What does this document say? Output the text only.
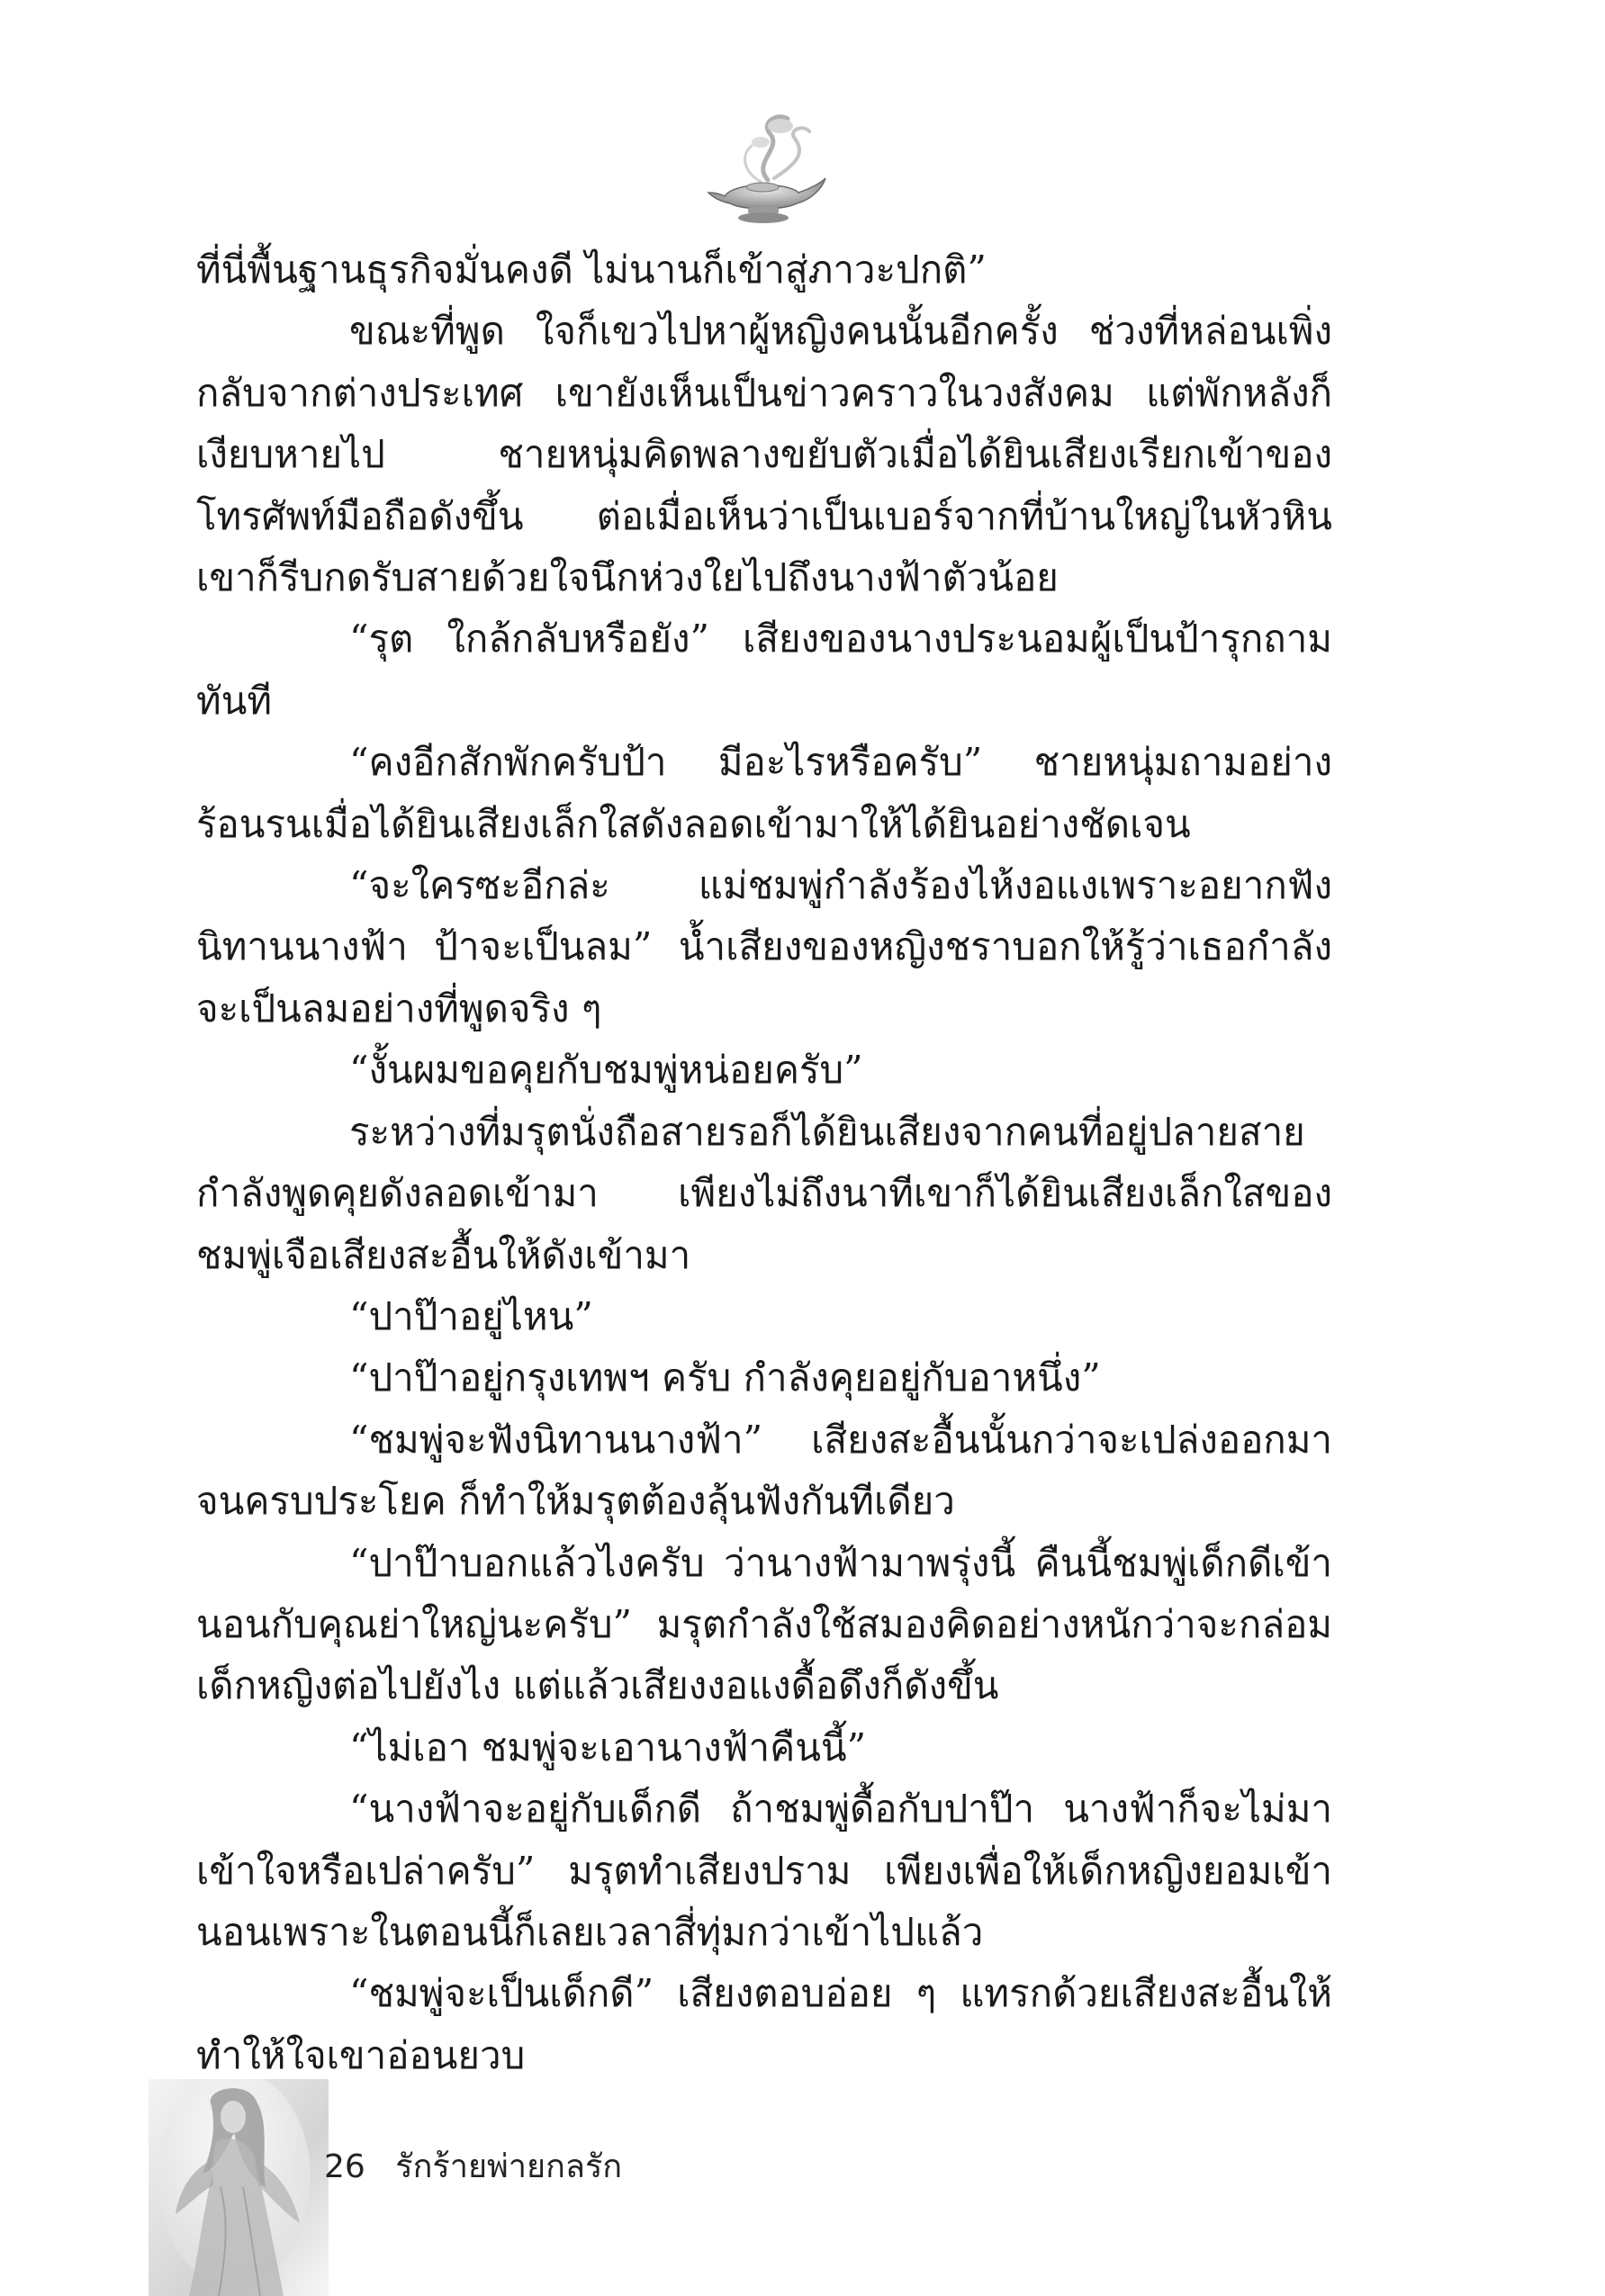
ที่นี่พื้นฐานธุรกิจมั่นคงดี ไม่นานก็เข้าสู่ภาวะปกติ”

ขณะที่พูด ใจก็เขวไปหาผู้หญิงคนนั้นอีกครั้ง ช่วงที่หล่อนเพิ่งกลับจากต่างประเทศ เขายังเห็นเป็นข่าวคราวในวงสังคม แต่พักหลังก็เงียบหายไป ชายหนุ่มคิดพลางขยับตัวเมื่อได้ยินเสียงเรียกเข้าของโทรศัพท์มือถือดังขึ้น ต่อเมื่อเห็นว่าเป็นเบอร์จากที่บ้านใหญ่ในหัวหิน เขาก็รีบกดรับสายด้วยใจนึกห่วงใยไปถึงนางฟ้าตัวน้อย

“รุต ใกล้กลับหรือยัง” เสียงของนางประนอมผู้เป็นป้ารุกถามทันที

“คงอีกสักพักครับป้า มีอะไรหรือครับ” ชายหนุ่มถามอย่างร้อนรนเมื่อได้ยินเสียงเล็กใสดังลอดเข้ามาให้ได้ยินอย่างชัดเจน

“จะใครซะอีกล่ะ แม่ชมพู่กำลังร้องไห้งอแงเพราะอยากฟังนิทานนางฟ้า ป้าจะเป็นลม” น้ำเสียงของหญิงชราบอกให้รู้ว่าเธอกำลังจะเป็นลมอย่างที่พูดจริง ๆ

“งั้นผมขอคุยกับชมพู่หน่อยครับ”

ระหว่างที่มรุตนั่งถือสายรอก็ได้ยินเสียงจากคนที่อยู่ปลายสายกำลังพูดคุยดังลอดเข้ามา เพียงไม่ถึงนาทีเขาก็ได้ยินเสียงเล็กใสของชมพู่เจือเสียงสะอื้นให้ดังเข้ามา

“ปาป๊าอยู่ไหน”

“ปาป๊าอยู่กรุงเทพฯ ครับ กำลังคุยอยู่กับอาหนึ่ง”

“ชมพู่จะฟังนิทานนางฟ้า” เสียงสะอื้นนั้นกว่าจะเปล่งออกมาจนครบประโยค ก็ทำให้มรุตต้องลุ้นฟังกันทีเดียว

“ปาป๊าบอกแล้วไงครับ ว่านางฟ้ามาพรุ่งนี้ คืนนี้ชมพู่เด็กดีเข้านอนกับคุณย่าใหญ่นะครับ” มรุตกำลังใช้สมองคิดอย่างหนักว่าจะกล่อมเด็กหญิงต่อไปยังไง แต่แล้วเสียงงอแงดื้อดึงก็ดังขึ้น

“ไม่เอา ชมพู่จะเอานางฟ้าคืนนี้”

“นางฟ้าจะอยู่กับเด็กดี ถ้าชมพู่ดื้อกับปาป๊า นางฟ้าก็จะไม่มาเข้าใจหรือเปล่าครับ” มรุตทำเสียงปราม เพียงเพื่อให้เด็กหญิงยอมเข้านอนเพราะในตอนนี้ก็เลยเวลาสี่ทุ่มกว่าเข้าไปแล้ว

“ชมพู่จะเป็นเด็กดี” เสียงตอบอ่อย ๆ แทรกด้วยเสียงสะอื้นให้ทำให้ใจเขาอ่อนยวบ

26 รักร้ายพ่ายกลรัก
